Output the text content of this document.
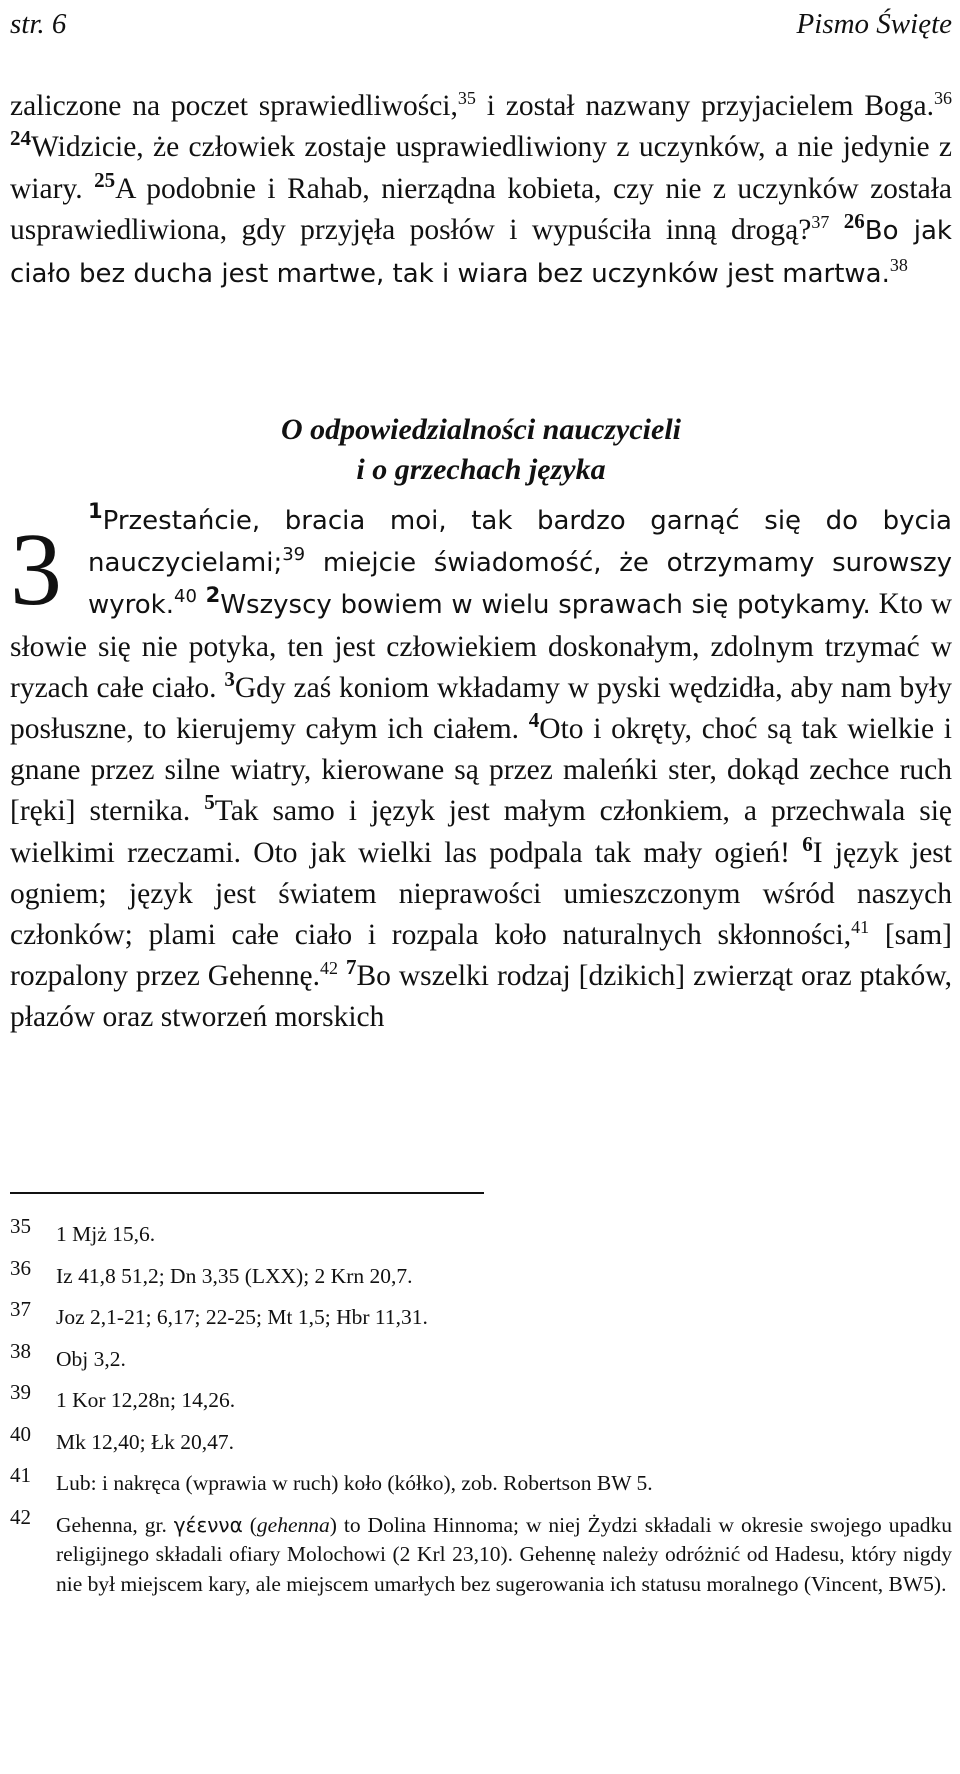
str. 6	Pismo Święte

zaliczone na poczet sprawiedliwości,$^{35}$ i został nazwany przyjacielem Boga.$^{36}$ $^{24}$Widzicie, że człowiek zostaje usprawiedliwiony z uczynków, a nie jedynie z wiary. $^{25}$A podobnie i Rahab, nierządna kobieta, czy nie z uczynków została usprawiedliwiona, gdy przyjęła posłów i wypuściła inną drogą?$^{37}$ $^{26}$Bo jak ciało bez ducha jest martwe, tak i wiara bez uczynków jest martwa.$^{38}$

O odpowiedzialności nauczycieli
i o grzechach języka
3
$^1$Przestańcie, bracia moi, tak bardzo garnąć się do bycia nauczycielami;$^{39}$ miejcie świadomość, że otrzymamy surowszy wyrok.$^{40}$ $^2$Wszyscy bowiem w wielu sprawach się potykamy. Kto w słowie się nie potyka, ten jest człowiekiem doskonałym, zdolnym trzymać w ryzach całe ciało. $^3$Gdy zaś koniom wkładamy w pyski wędzidła, aby nam były posłuszne, to kierujemy całym ich ciałem. $^4$Oto i okręty, choć są tak wielkie i gnane przez silne wiatry, kierowane są przez maleńki ster, dokąd zechce ruch [ręki] sternika. $^5$Tak samo i język jest małym członkiem, a przechwala się wielkimi rzeczami. Oto jak wielki las podpala tak mały ogień! $^6$I język jest ogniem; język jest światem nieprawości umieszczonym wśród naszych członków; plami całe ciało i rozpala koło naturalnych skłonności,$^{41}$ [sam] rozpalony przez Gehennę.$^{42}$ $^7$Bo wszelki rodzaj [dzikich] zwierząt oraz ptaków, płazów oraz stworzeń morskich
35 1 Mjż 15,6.
36 Iz 41,8 51,2; Dn 3,35 (LXX); 2 Krn 20,7.
37 Joz 2,1-21; 6,17; 22-25; Mt 1,5; Hbr 11,31.
38 Obj 3,2.
39 1 Kor 12,28n; 14,26.
40 Mk 12,40; Łk 20,47.
41 Lub: i nakręca (wprawia w ruch) koło (kółko), zob. Robertson BW 5.
42 Gehenna, gr. γέεννα (gehenna) to Dolina Hinnoma; w niej Żydzi składali w okresie swojego upadku religijnego składali ofiary Molochowi (2 Krl 23,10). Gehennę należy odróżnić od Hadesu, który nigdy nie był miejscem kary, ale miejscem umarłych bez sugerowania ich statusu moralnego (Vincent, BW5).
